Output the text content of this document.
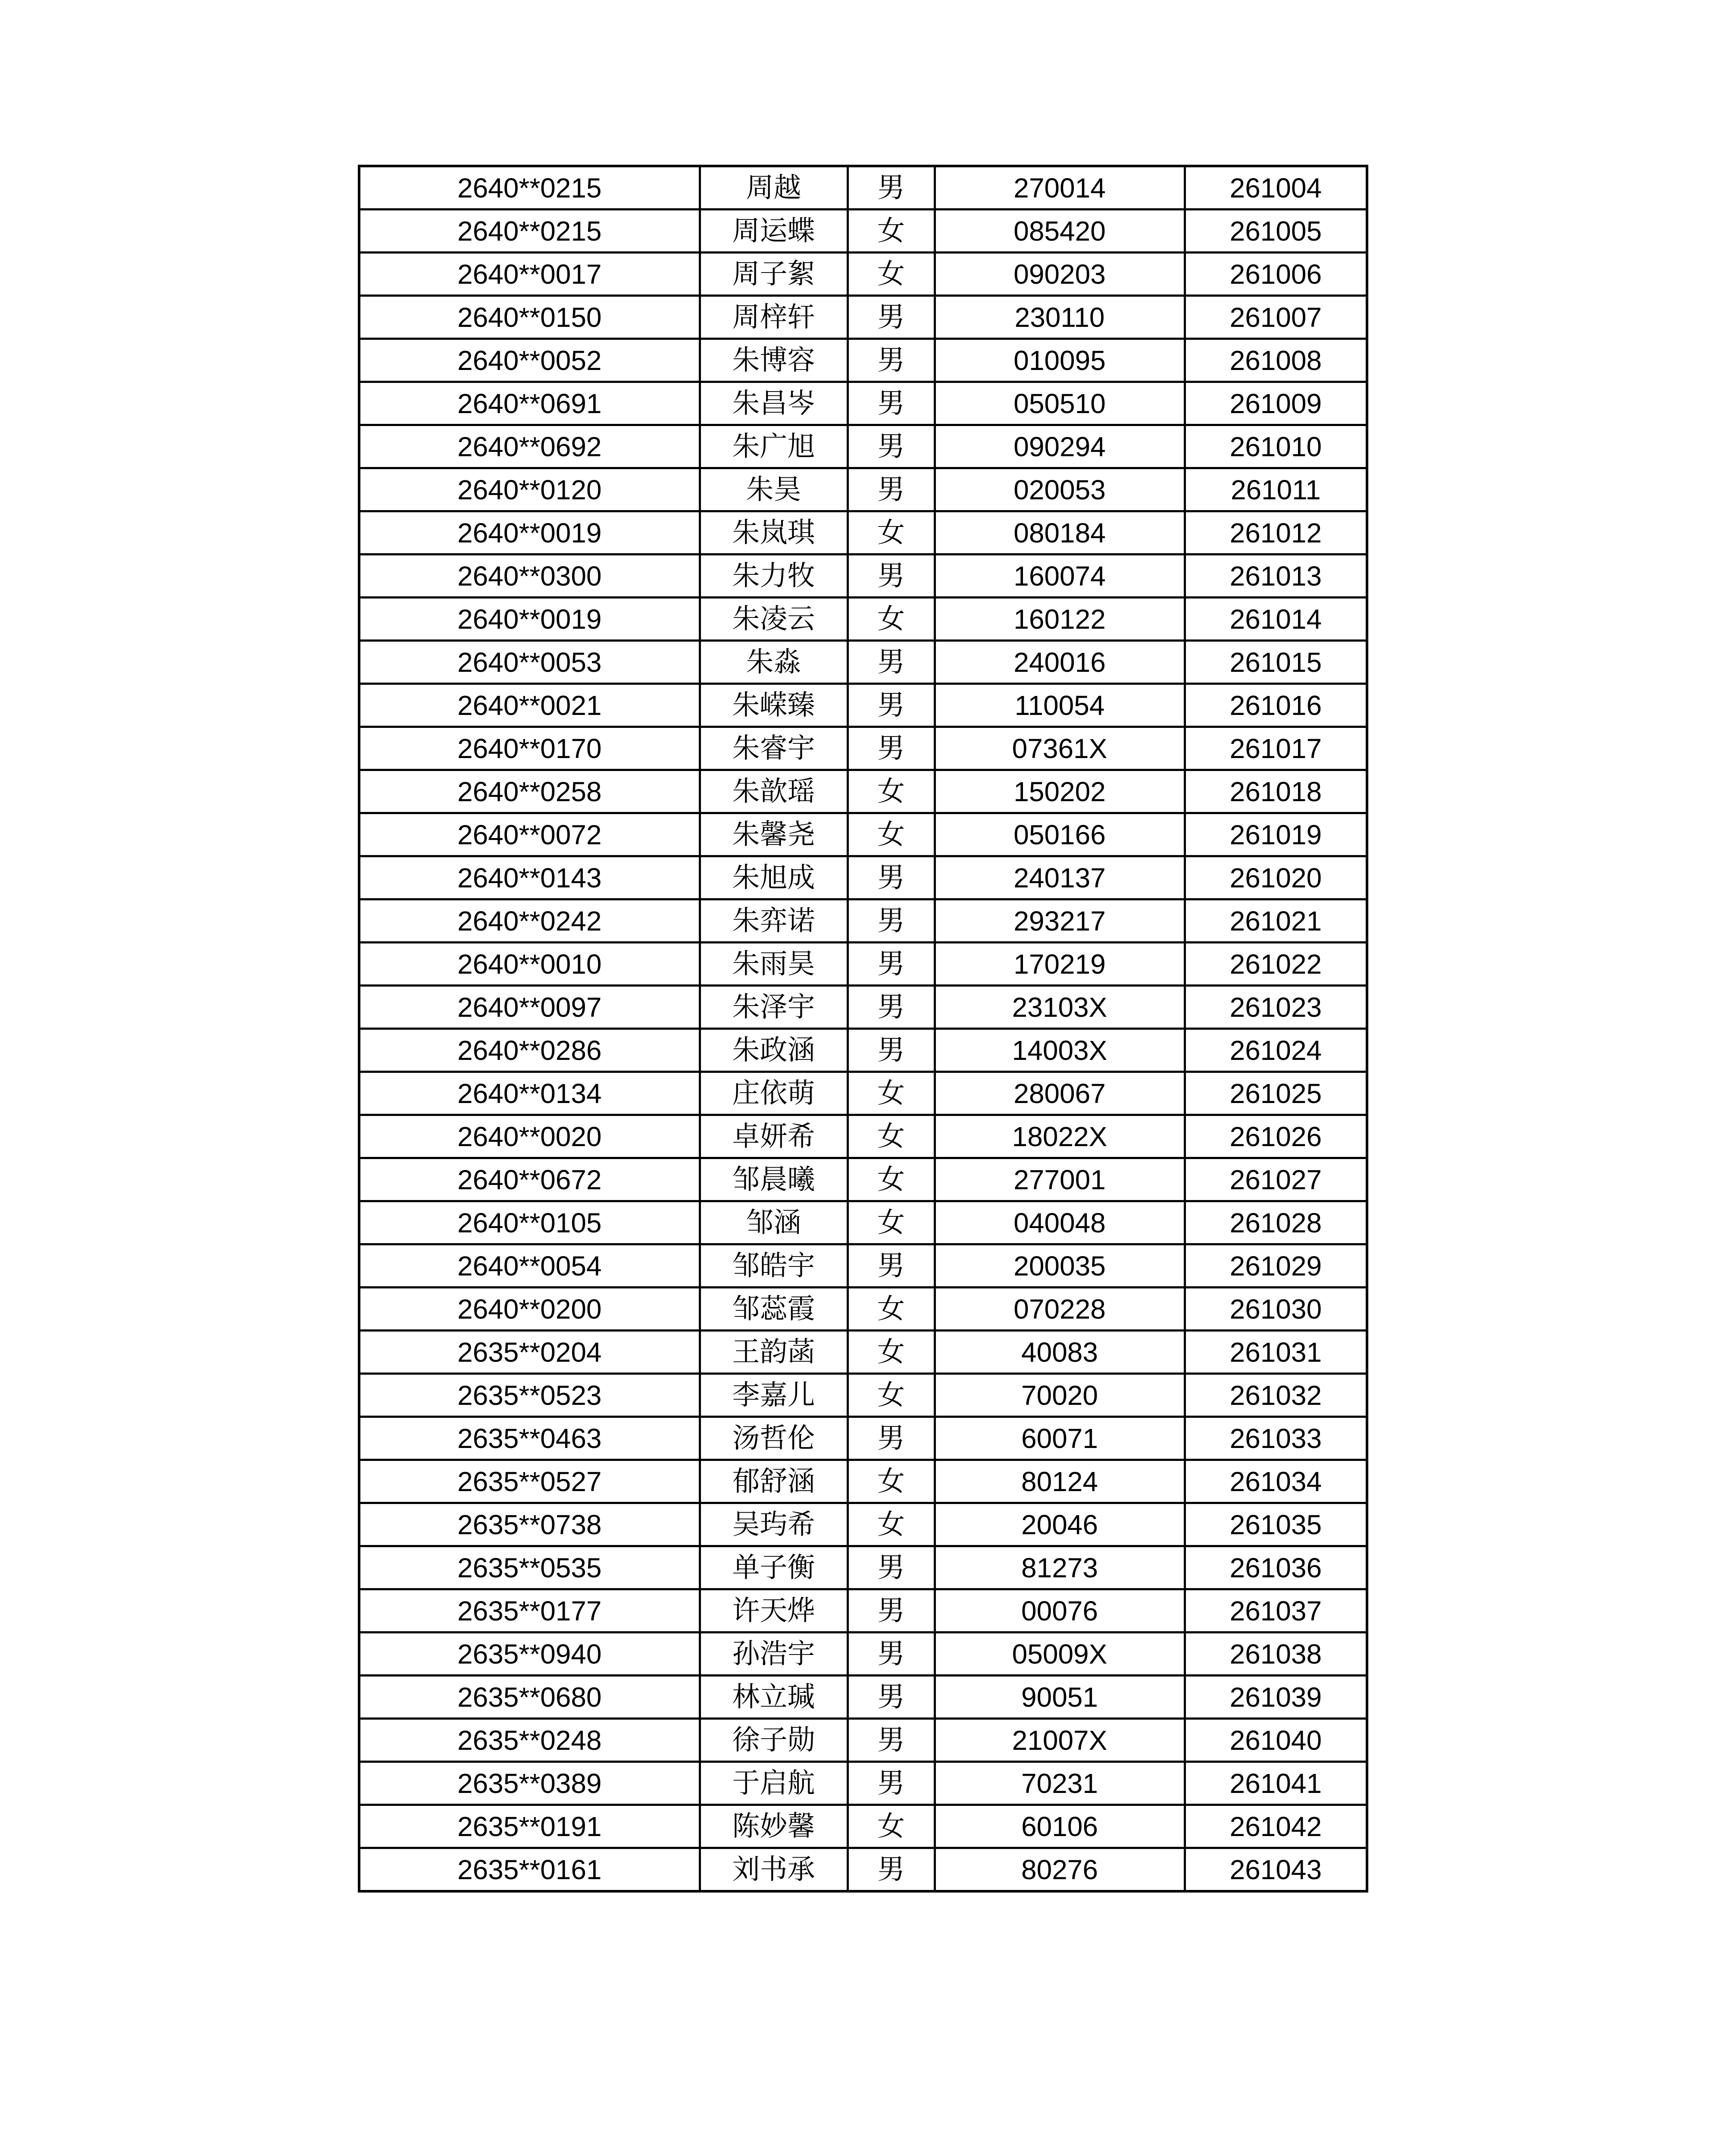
2640**0215	周越	男	270014	261004
2640**0215	周运蝶	女	085420	261005
2640**0017	周子絮	女	090203	261006
2640**0150	周梓轩	男	230110	261007
2640**0052	朱博容	男	010095	261008
2640**0691	朱昌岑	男	050510	261009
2640**0692	朱广旭	男	090294	261010
2640**0120	朱昊	男	020053	261011
2640**0019	朱岚琪	女	080184	261012
2640**0300	朱力牧	男	160074	261013
2640**0019	朱凌云	女	160122	261014
2640**0053	朱淼	男	240016	261015
2640**0021	朱嵘臻	男	110054	261016
2640**0170	朱睿宇	男	07361X	261017
2640**0258	朱歆瑶	女	150202	261018
2640**0072	朱馨尧	女	050166	261019
2640**0143	朱旭成	男	240137	261020
2640**0242	朱弈诺	男	293217	261021
2640**0010	朱雨昊	男	170219	261022
2640**0097	朱泽宇	男	23103X	261023
2640**0286	朱政涵	男	14003X	261024
2640**0134	庄依萌	女	280067	261025
2640**0020	卓妍希	女	18022X	261026
2640**0672	邹晨曦	女	277001	261027
2640**0105	邹涵	女	040048	261028
2640**0054	邹皓宇	男	200035	261029
2640**0200	邹蕊霞	女	070228	261030
2635**0204	王韵菡	女	40083	261031
2635**0523	李嘉儿	女	70020	261032
2635**0463	汤哲伦	男	60071	261033
2635**0527	郁舒涵	女	80124	261034
2635**0738	吴玙希	女	20046	261035
2635**0535	单子衡	男	81273	261036
2635**0177	许天烨	男	00076	261037
2635**0940	孙浩宇	男	05009X	261038
2635**0680	林立瑊	男	90051	261039
2635**0248	徐子勋	男	21007X	261040
2635**0389	于启航	男	70231	261041
2635**0191	陈妙馨	女	60106	261042
2635**0161	刘书承	男	80276	261043
